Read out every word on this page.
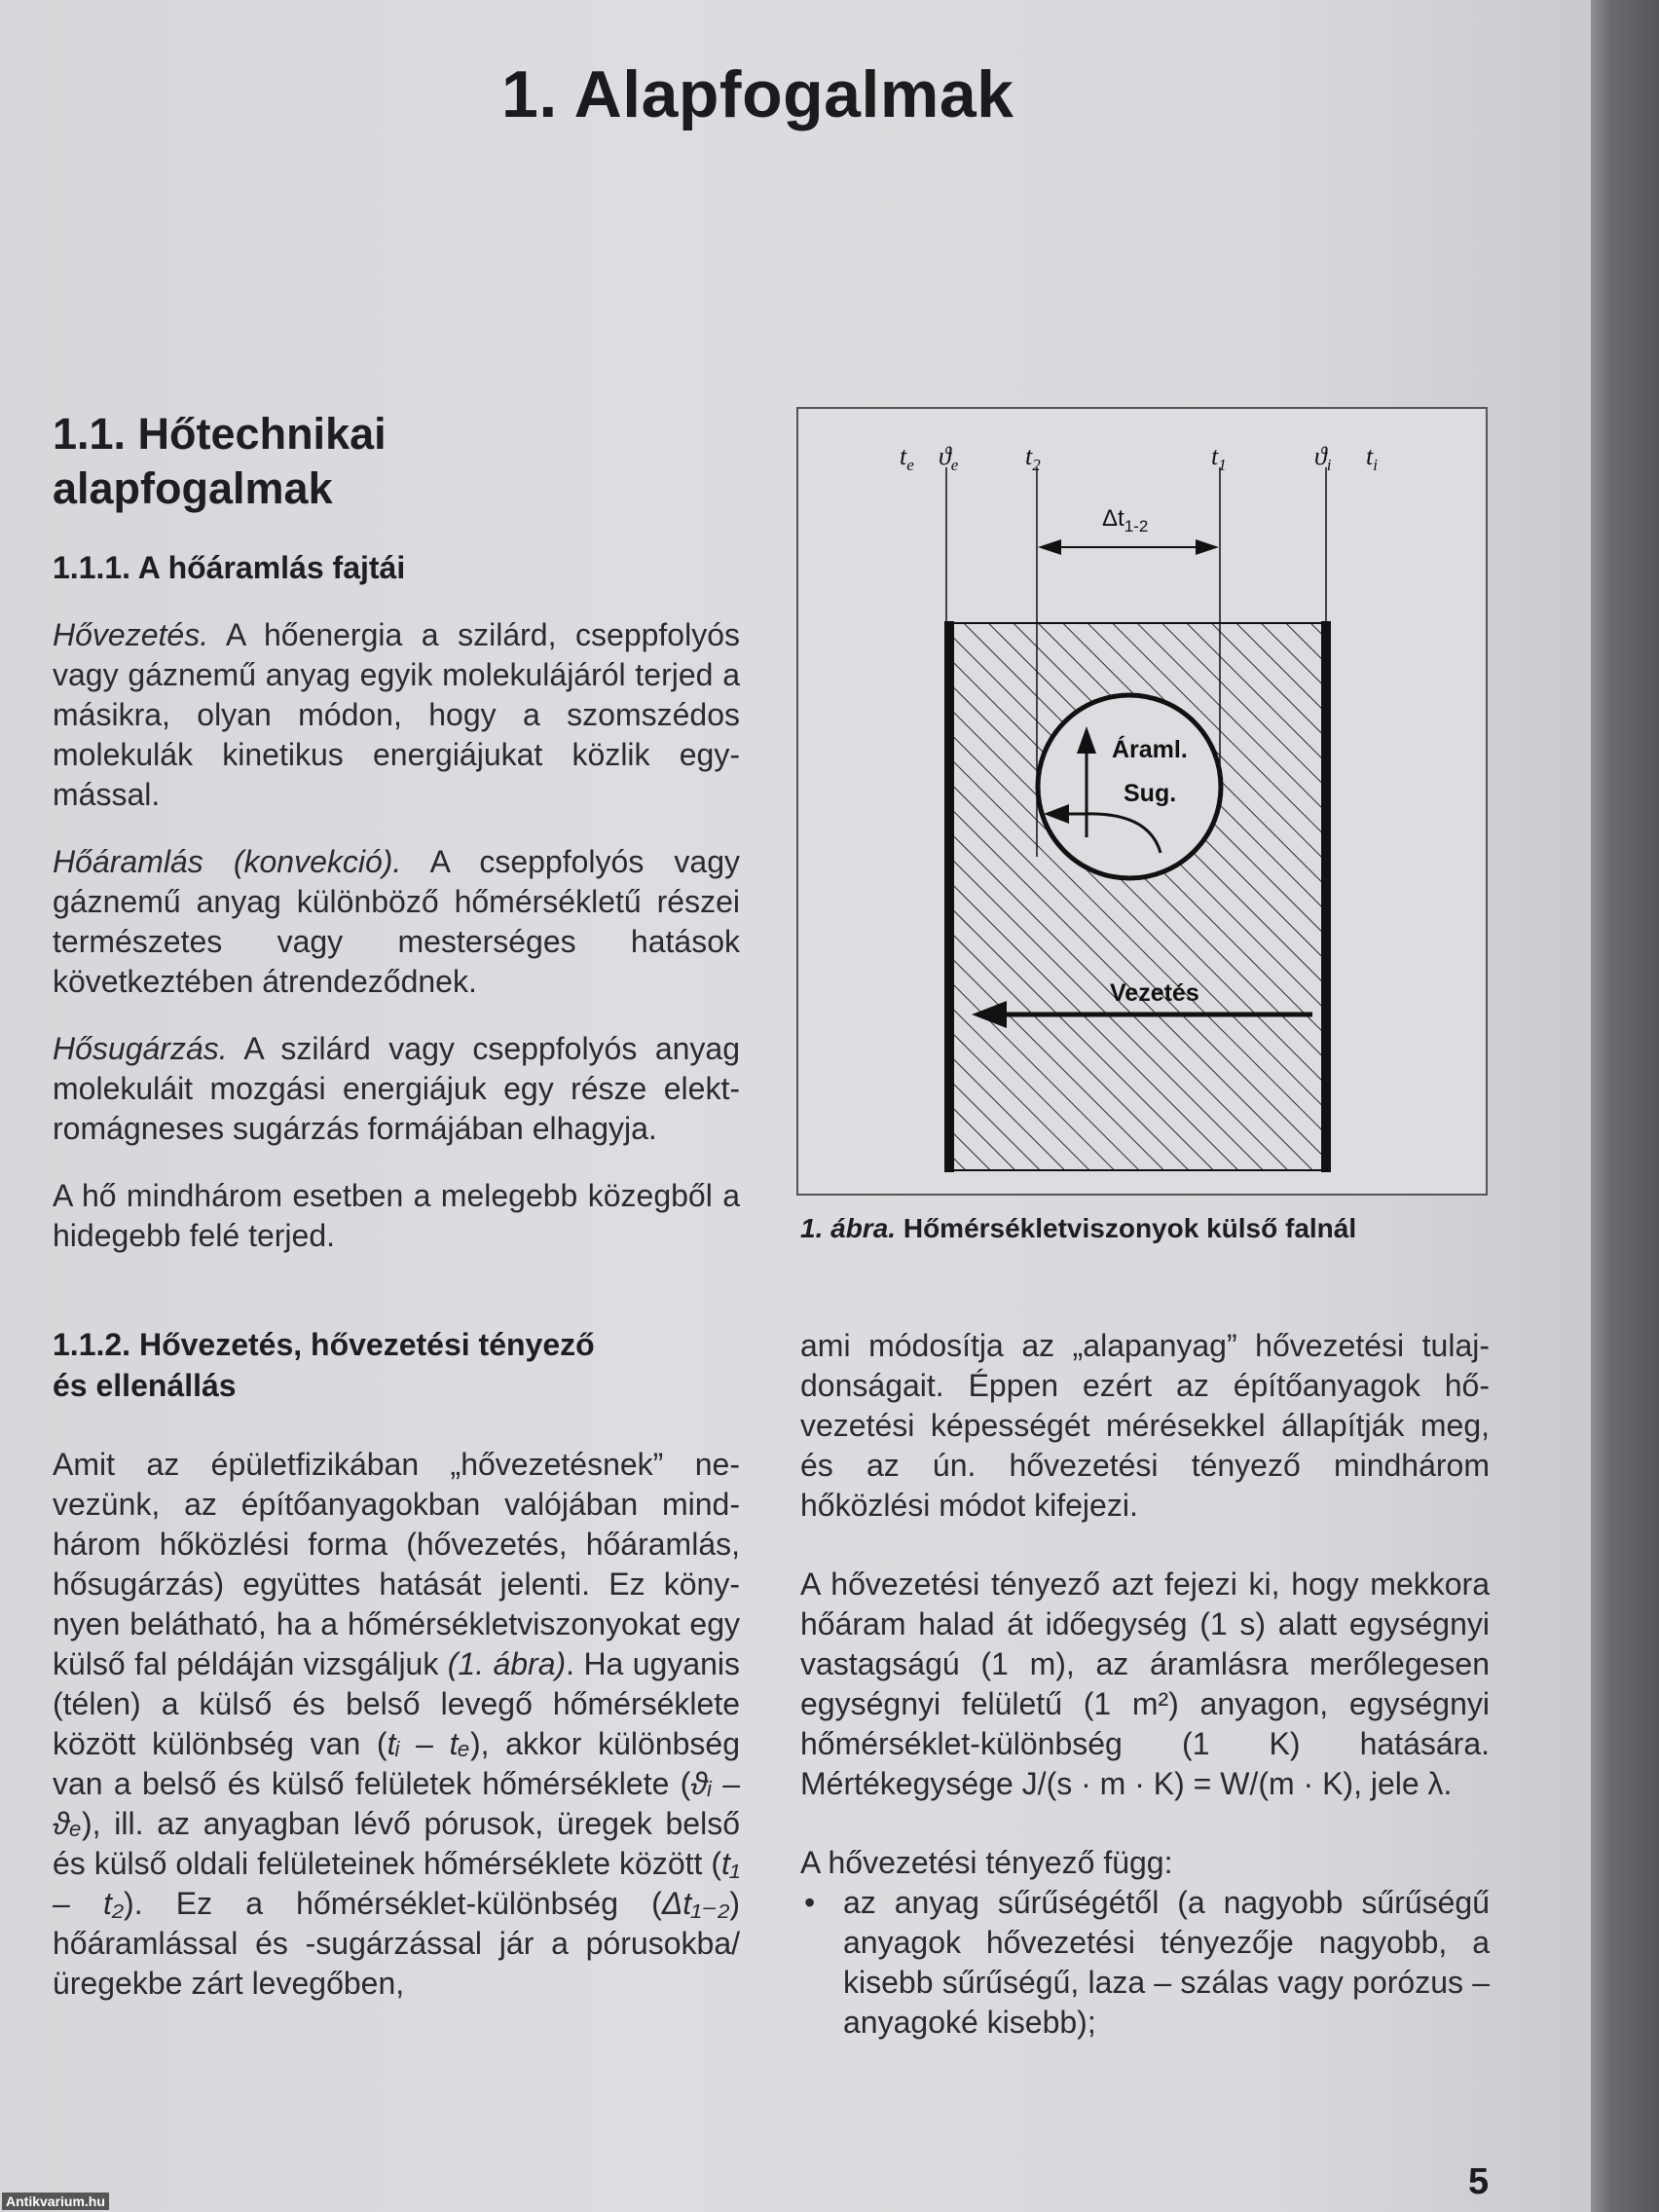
1. Alapfogalmak
1.1. Hőtechnikai
alapfogalmak
1.1.1. A hőáramlás fajtái

Hővezetés. A hőenergia a szilárd, cseppfolyós vagy gáznemű anyag egyik molekulájáról terjed a másikra, olyan módon, hogy a szomszédos molekulák kinetikus energiájukat közlik egymással.

Hőáramlás (konvekció). A cseppfolyós vagy gáznemű anyag különböző hőmérsékletű részei természetes vagy mesterséges hatások következtében átrendeződnek.

Hősugárzás. A szilárd vagy cseppfolyós anyag molekuláit mozgási energiájuk egy része elektromágneses sugárzás formájában elhagyja.

A hő mindhárom esetben a melegebb közegből a hidegebb felé terjed.

1.1.2. Hővezetés, hővezetési tényező
és ellenállás

Amit az épületfizikában „hővezetésnek” nevezünk, az építőanyagokban valójában mindhárom hőközlési forma (hővezetés, hőáramlás, hősugárzás) együttes hatását jelenti. Ez könynyen belátható, ha a hőmérsékletviszonyokat egy külső fal példáján vizsgáljuk (1. ábra). Ha ugyanis (télen) a külső és belső levegő hőmérséklete között különbség van (tᵢ – tₑ), akkor különbség van a belső és külső felületek hőmérséklete (ϑᵢ – ϑₑ), ill. az anyagban lévő pórusok, üregek belső és külső oldali felületeinek hőmérséklete között (t₁ – t₂). Ez a hőmérséklet-különbség (Δt₁₋₂) hőáramlással és -sugárzással jár a pórusokba/üregekbe zárt levegőben,

$t_e$ $ϑ_e$	$t_2$	$t_1$	$ϑ_i$ $t_i$
$\Delta t_{1-2}$
Áraml.
Sug.
Vezetés
1. ábra. Hőmérsékletviszonyok külső falnál

ami módosítja az „alapanyag” hővezetési tulajdonságait. Éppen ezért az építőanyagok hővezetési képességét mérésekkel állapítják meg, és az ún. hővezetési tényező mindhárom hőközlési módot kifejezi.

A hővezetési tényező azt fejezi ki, hogy mekkora hőáram halad át időegység (1 s) alatt egységnyi vastagságú (1 m), az áramlásra merőlegesen egységnyi felületű (1 m²) anyagon, egységnyi hőmérséklet-különbség (1 K) hatására. Mértékegysége J/(s · m · K) = W/(m · K), jele λ.

A hővezetési tényező függ:

• az anyag sűrűségétől (a nagyobb sűrűségű anyagok hővezetési tényezője nagyobb, a kisebb sűrűségű, laza – szálas vagy porózus – anyagoké kisebb);
5
Antikvarium.hu
